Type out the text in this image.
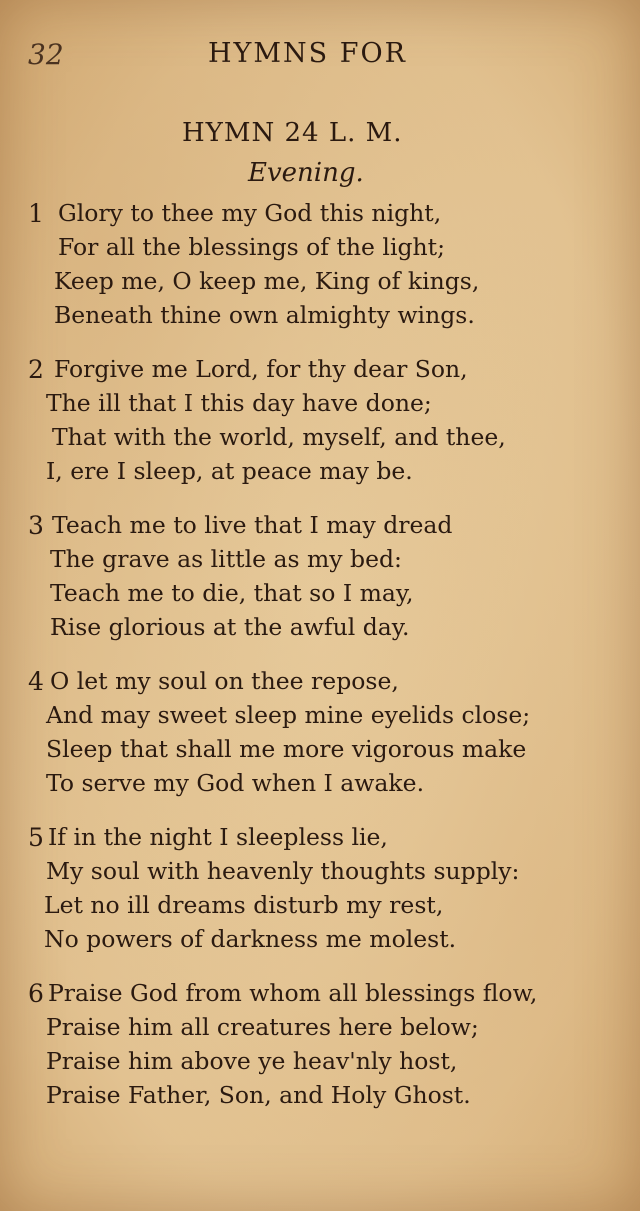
32	HYMNS FOR
HYMN 24 L. M.
Evening.
1 Glory to thee my God this night,
For all the blessings of the light;
Keep me, O keep me, King of kings,
Beneath thine own almighty wings.
2 Forgive me Lord, for thy dear Son,
The ill that I this day have done;
That with the world, myself, and thee,
I, ere I sleep, at peace may be.
3 Teach me to live that I may dread
The grave as little as my bed:
Teach me to die, that so I may,
Rise glorious at the awful day.
4 O let my soul on thee repose,
And may sweet sleep mine eyelids close;
Sleep that shall me more vigorous make
To serve my God when I awake.
5 If in the night I sleepless lie,
My soul with heavenly thoughts supply:
Let no ill dreams disturb my rest,
No powers of darkness me molest.
6 Praise God from whom all blessings flow,
Praise him all creatures here below;
Praise him above ye heav'nly host,
Praise Father, Son, and Holy Ghost.
